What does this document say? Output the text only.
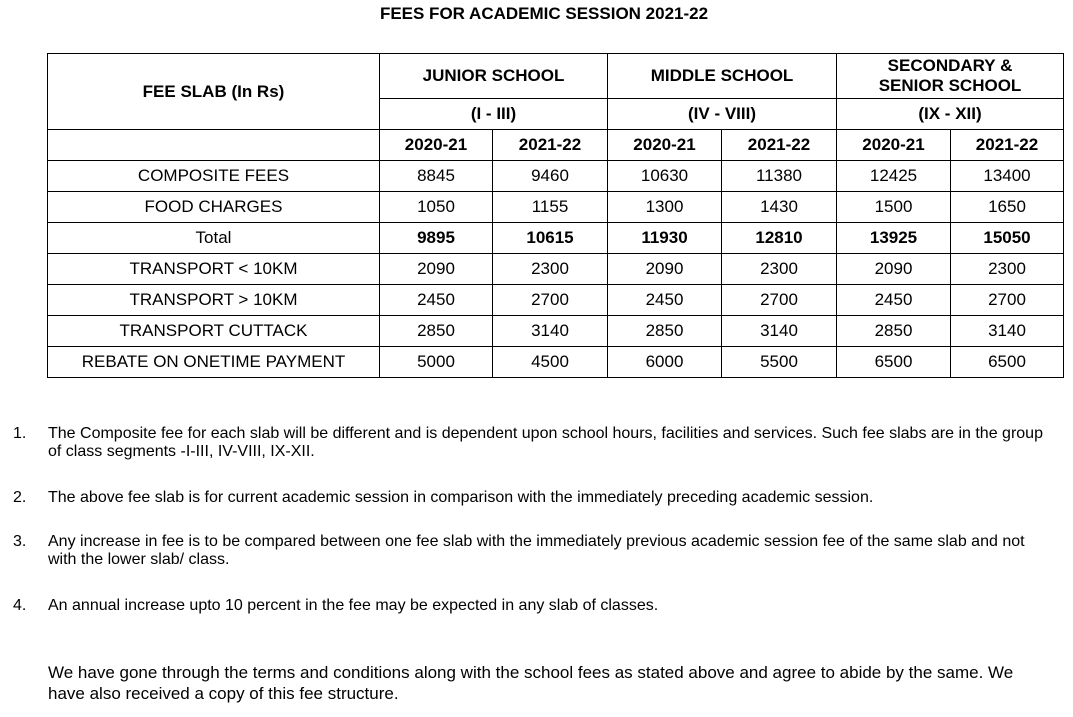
FEES FOR ACADEMIC SESSION 2021-22
FEE SLAB (In Rs)	JUNIOR SCHOOL		MIDDLE SCHOOL		SECONDARY &
SENIOR SCHOOL	

	(I - III)		(IV - VIII)		(IX - XII)	
	2020-21	2021-22	2020-21	2021-22	2020-21	2021-22
COMPOSITE FEES	8845	9460	10630	11380	12425	13400
FOOD CHARGES	1050	1155	1300	1430	1500	1650
Total	9895	10615	11930	12810	13925	15050
TRANSPORT < 10KM	2090	2300	2090	2300	2090	2300
TRANSPORT > 10KM	2450	2700	2450	2700	2450	2700
TRANSPORT CUTTACK	2850	3140	2850	3140	2850	3140
REBATE ON ONETIME PAYMENT	5000	4500	6000	5500	6500	6500
1. The Composite fee for each slab will be different and is dependent upon school hours, facilities and services. Such fee slabs are in the group of class segments -I-III, IV-VIII, IX-XII.
2. The above fee slab is for current academic session in comparison with the immediately preceding academic session.
3. Any increase in fee is to be compared between one fee slab with the immediately previous academic session fee of the same slab and not with the lower slab/ class.
4. An annual increase upto 10 percent in the fee may be expected in any slab of classes.
We have gone through the terms and conditions along with the school fees as stated above and agree to abide by the same. We have also received a copy of this fee structure.
